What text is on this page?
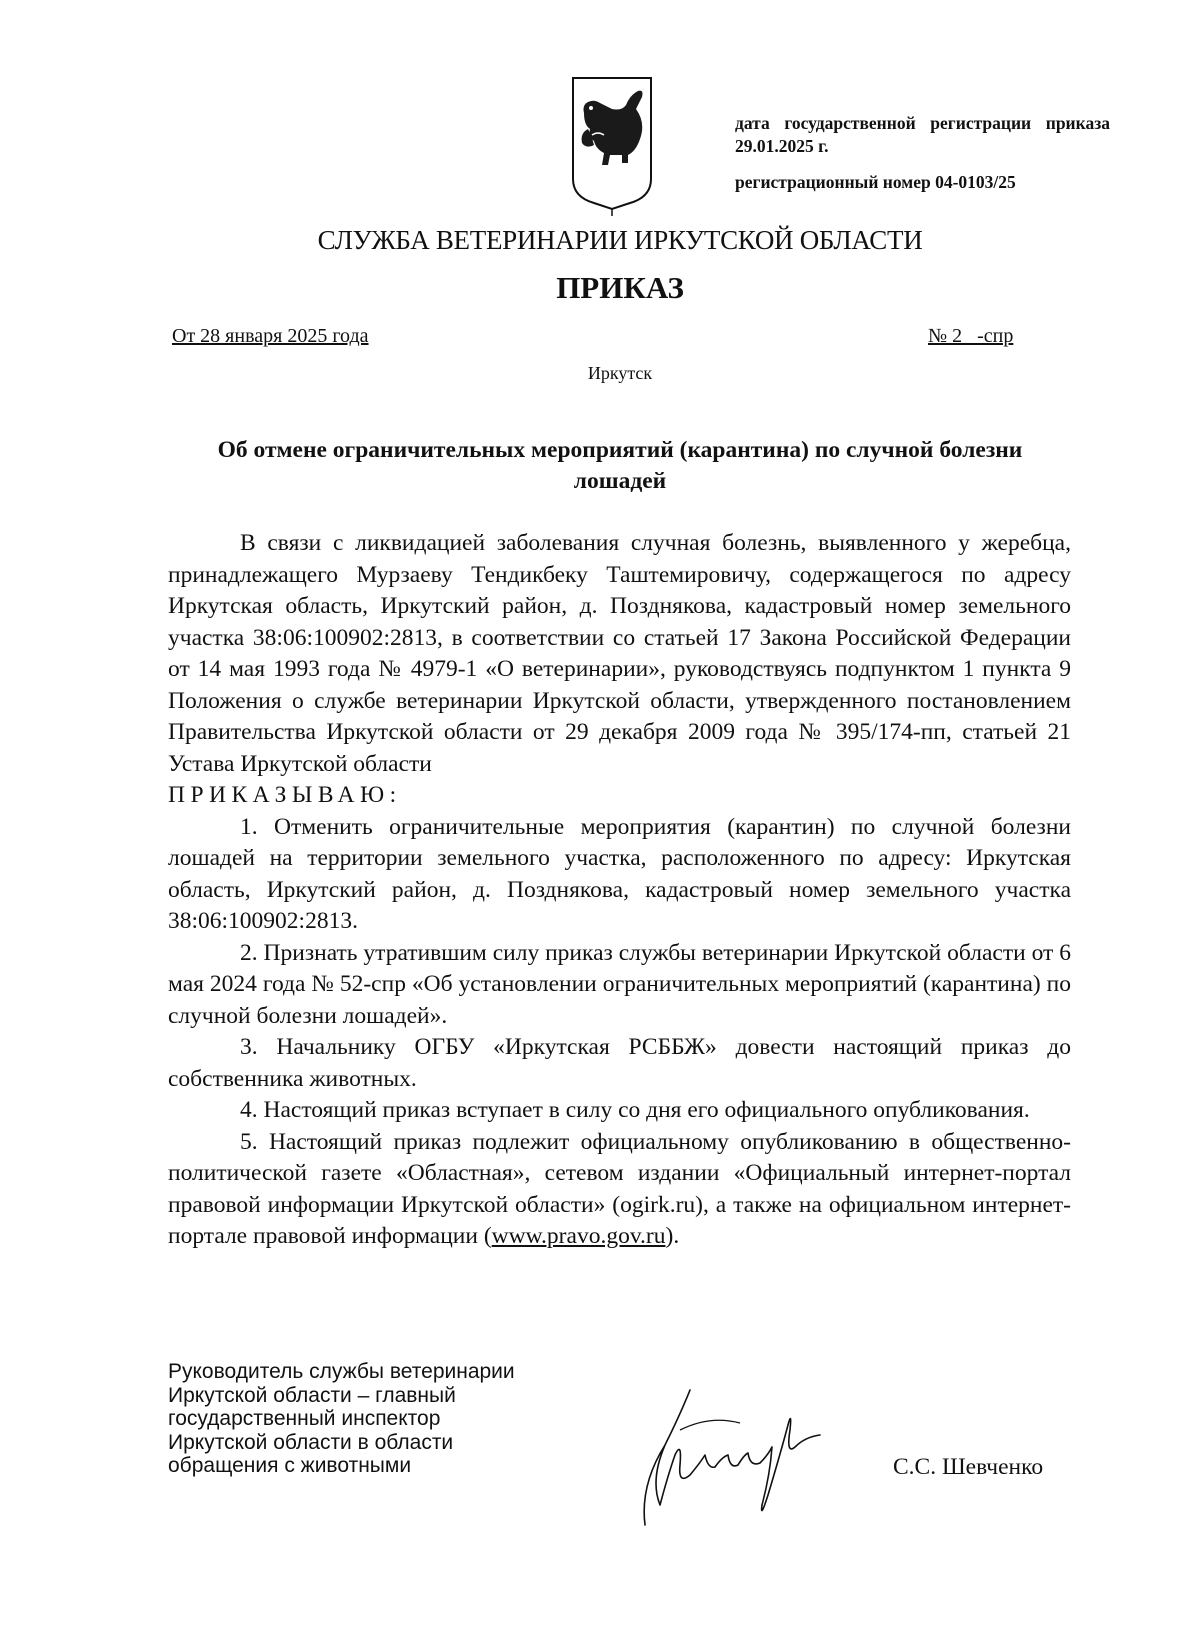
дата государственной регистрации приказа 29.01.2025 г.
регистрационный номер 04-0103/25
СЛУЖБА ВЕТЕРИНАРИИ ИРКУТСКОЙ ОБЛАСТИ
ПРИКАЗ
От 28 января 2025 года	№ 2   -спр
Иркутск
Об отмене ограничительных мероприятий (карантина) по случной болезни лошадей

В связи с ликвидацией заболевания случная болезнь, выявленного у жеребца, принадлежащего Мурзаеву Тендикбеку Таштемировичу, содержащегося по адресу Иркутская область, Иркутский район, д. Позднякова, кадастровый номер земельного участка 38:06:100902:2813, в соответствии со статьей 17 Закона Российской Федерации от 14 мая 1993 года № 4979-1 «О ветеринарии», руководствуясь подпунктом 1 пункта 9 Положения о службе ветеринарии Иркутской области, утвержденного постановлением Правительства Иркутской области от 29 декабря 2009 года № 395/174-пп, статьей 21 Устава Иркутской области

ПРИКАЗЫВАЮ:

1. Отменить ограничительные мероприятия (карантин) по случной болезни лошадей на территории земельного участка, расположенного по адресу: Иркутская область, Иркутский район, д. Позднякова, кадастровый номер земельного участка 38:06:100902:2813.

2. Признать утратившим силу приказ службы ветеринарии Иркутской области от 6 мая 2024 года № 52-спр «Об установлении ограничительных мероприятий (карантина) по случной болезни лошадей».

3. Начальнику ОГБУ «Иркутская РСББЖ» довести настоящий приказ до собственника животных.

4. Настоящий приказ вступает в силу со дня его официального опубликования.

5. Настоящий приказ подлежит официальному опубликованию в общественно-политической газете «Областная», сетевом издании «Официальный интернет-портал правовой информации Иркутской области» (ogirk.ru), а также на официальном интернет-портале правовой информации (www.pravo.gov.ru).

Руководитель службы ветеринарии
Иркутской области – главный
государственный инспектор
Иркутской области в области
обращения с животными	С.С. Шевченко
